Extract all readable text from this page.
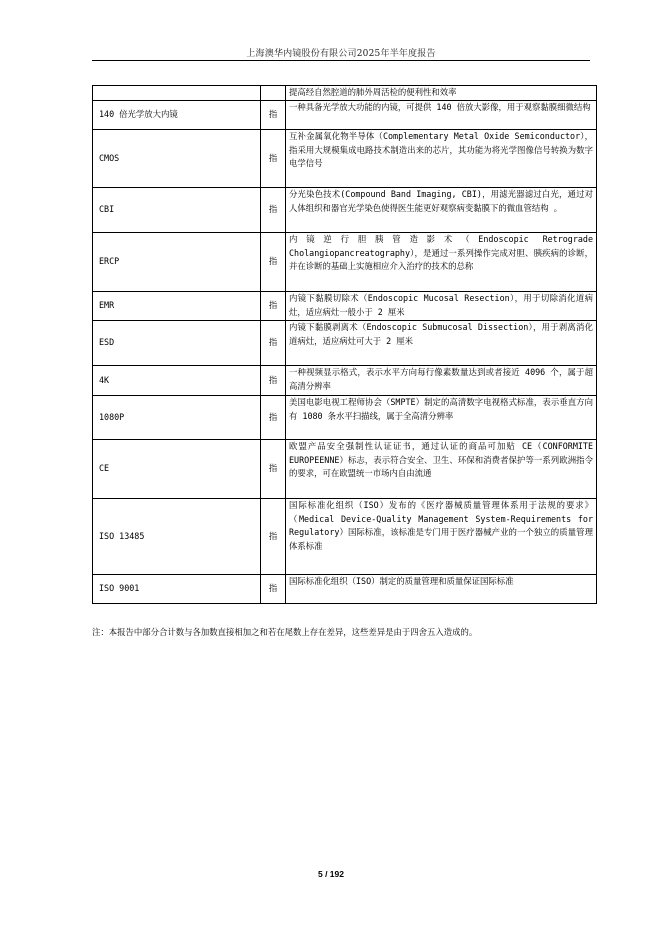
上海澳华内镜股份有限公司2025年半年度报告
		提高经自然腔道的肺外周活检的便利性和效率
140 倍光学放大内镜	指	一种具备光学放大功能的内镜，可提供 140 倍放大影像，用于观察黏膜细微结构
CMOS	指	互补金属氧化物半导体（Complementary Metal Oxide Semiconductor），指采用大规模集成电路技术制造出来的芯片，其功能为将光学图像信号转换为数字电学信号
CBI	指	分光染色技术(Compound Band Imaging, CBI)，用滤光器滤过白光，通过对人体组织和器官光学染色使得医生能更好观察病变黏膜下的微血管结构 。
ERCP	指	内镜逆行胆胰管造影术（Endoscopic Retrograde Cholangiopancreatography），是通过一系列操作完成对胆、胰疾病的诊断，并在诊断的基础上实施相应介入治疗的技术的总称
EMR	指	内镜下黏膜切除术（Endoscopic Mucosal Resection），用于切除消化道病灶，适应病灶一般小于 2 厘米
ESD	指	内镜下黏膜剥离术（Endoscopic Submucosal Dissection），用于剥离消化道病灶，适应病灶可大于 2 厘米
4K	指	一种视频显示格式，表示水平方向每行像素数量达到或者接近 4096 个，属于超高清分辨率
1080P	指	美国电影电视工程师协会（SMPTE）制定的高清数字电视格式标准，表示垂直方向有 1080 条水平扫描线，属于全高清分辨率
CE	指	欧盟产品安全强制性认证证书，通过认证的商品可加贴 CE（CONFORMITE EUROPEENNE）标志，表示符合安全、卫生、环保和消费者保护等一系列欧洲指令的要求，可在欧盟统一市场内自由流通
ISO 13485	指	国际标准化组织（ISO）发布的《医疗器械质量管理体系用于法规的要求》（Medical Device-Quality Management System-Requirements for Regulatory）国际标准，该标准是专门用于医疗器械产业的一个独立的质量管理体系标准
ISO 9001	指	国际标准化组织（ISO）制定的质量管理和质量保证国际标准
注：本报告中部分合计数与各加数直接相加之和若在尾数上存在差异，这些差异是由于四舍五入造成的。
5 / 192
